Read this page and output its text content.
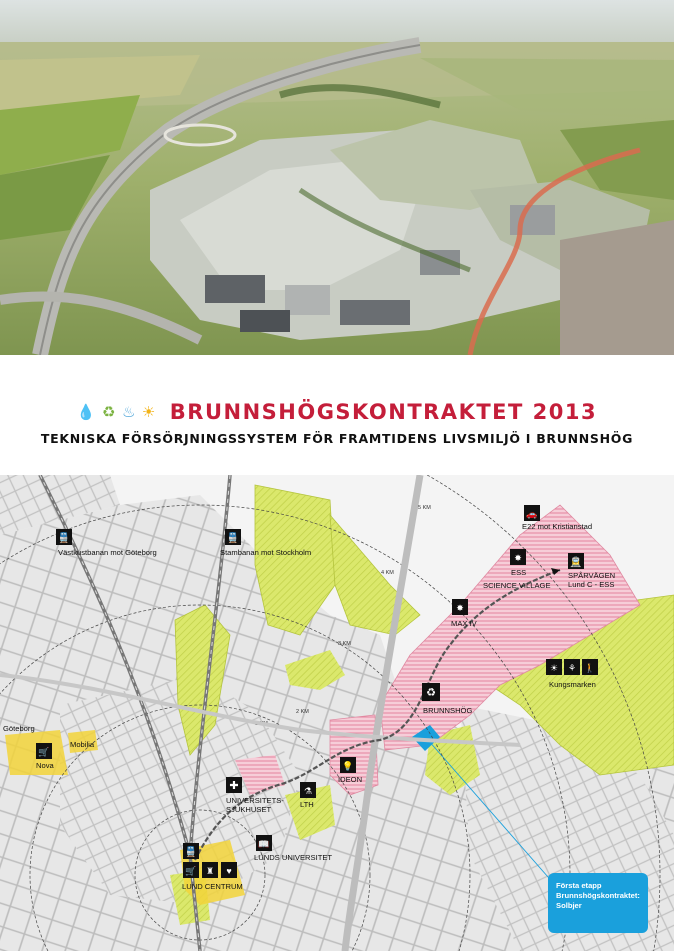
💧 ♻ ♨ ☀ BRUNNSHÖGSKONTRAKTET 2013
TEKNISKA FÖRSÖRJNINGSSYSTEM FÖR FRAMTIDENS LIVSMILJÖ I BRUNNSHÖG
1 KM
2 KM
3 KM
4 KM
5 KM
🚆	🚆
🚗
✸	🚊
✸
☀ ⚘ 🚶
♻
🛒
💡
✚	⚗
📖
🚆
🛒 ♜ ♥
Västkustbanan mot Göteborg	Stambanan mot Stockholm
E22 mot Kristianstad
ESS	SPÅRVÄGEN
Lund C - ESS
SCIENCE VILLAGE
MAX IV
Kungsmarken
BRUNNSHÖG
Göteborg
Mobilia
Nova
IDEON
UNIVERSITETS-
SJUKHUSET
LTH
LUNDS UNIVERSITET
LUND CENTRUM	Första etapp
Brunnshögskontraktet:
Solbjer
